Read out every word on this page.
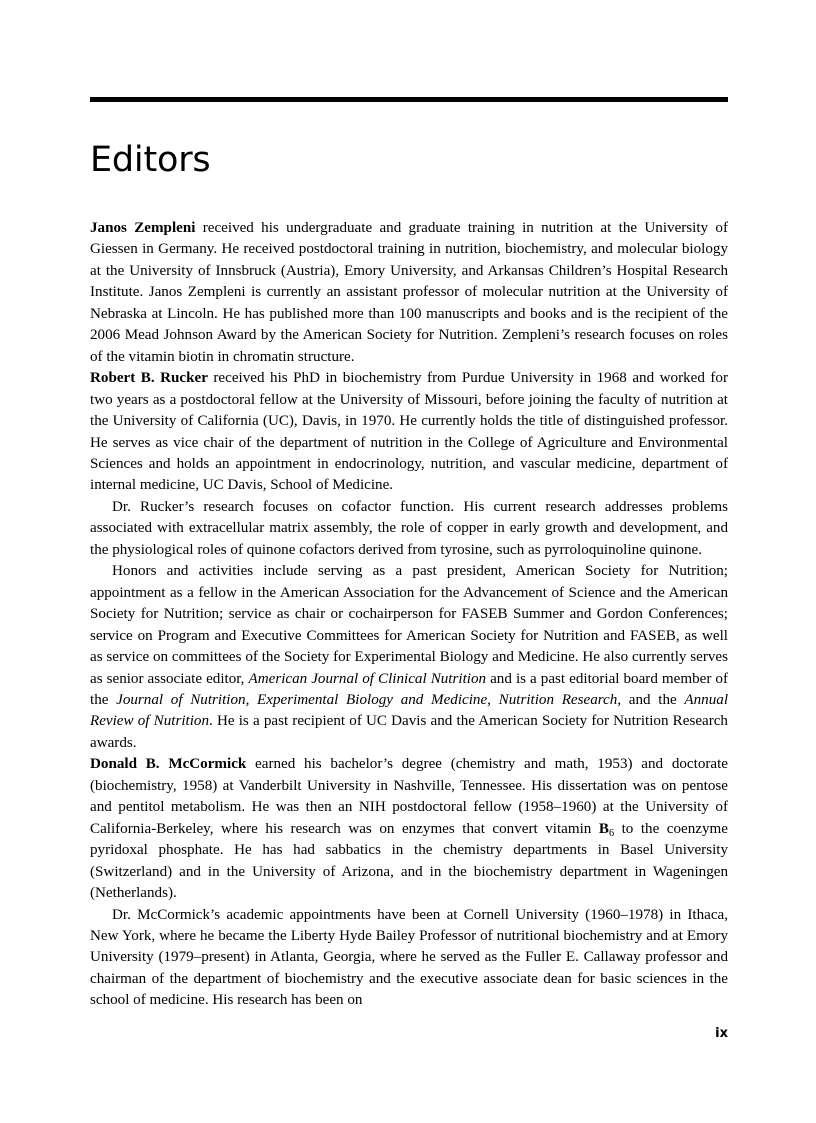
Editors

Janos Zempleni received his undergraduate and graduate training in nutrition at the University of Giessen in Germany. He received postdoctoral training in nutrition, biochemistry, and molecular biology at the University of Innsbruck (Austria), Emory University, and Arkansas Children’s Hospital Research Institute. Janos Zempleni is currently an assistant professor of molecular nutrition at the University of Nebraska at Lincoln. He has published more than 100 manuscripts and books and is the recipient of the 2006 Mead Johnson Award by the American Society for Nutrition. Zempleni’s research focuses on roles of the vitamin biotin in chromatin structure.

Robert B. Rucker received his PhD in biochemistry from Purdue University in 1968 and worked for two years as a postdoctoral fellow at the University of Missouri, before joining the faculty of nutrition at the University of California (UC), Davis, in 1970. He currently holds the title of distinguished professor. He serves as vice chair of the department of nutrition in the College of Agriculture and Environmental Sciences and holds an appointment in endocrinology, nutrition, and vascular medicine, department of internal medicine, UC Davis, School of Medicine.

Dr. Rucker’s research focuses on cofactor function. His current research addresses problems associated with extracellular matrix assembly, the role of copper in early growth and development, and the physiological roles of quinone cofactors derived from tyrosine, such as pyrroloquinoline quinone.

Honors and activities include serving as a past president, American Society for Nutrition; appointment as a fellow in the American Association for the Advancement of Science and the American Society for Nutrition; service as chair or cochairperson for FASEB Summer and Gordon Conferences; service on Program and Executive Committees for American Society for Nutrition and FASEB, as well as service on committees of the Society for Experimental Biology and Medicine. He also currently serves as senior associate editor, American Journal of Clinical Nutrition and is a past editorial board member of the Journal of Nutrition, Experimental Biology and Medicine, Nutrition Research, and the Annual Review of Nutrition. He is a past recipient of UC Davis and the American Society for Nutrition Research awards.

Donald B. McCormick earned his bachelor’s degree (chemistry and math, 1953) and doctorate (biochemistry, 1958) at Vanderbilt University in Nashville, Tennessee. His dissertation was on pentose and pentitol metabolism. He was then an NIH postdoctoral fellow (1958–1960) at the University of California-Berkeley, where his research was on enzymes that convert vitamin $B_6$ to the coenzyme pyridoxal phosphate. He has had sabbatics in the chemistry departments in Basel University (Switzerland) and in the University of Arizona, and in the biochemistry department in Wageningen (Netherlands).

Dr. McCormick’s academic appointments have been at Cornell University (1960–1978) in Ithaca, New York, where he became the Liberty Hyde Bailey Professor of nutritional biochemistry and at Emory University (1979–present) in Atlanta, Georgia, where he served as the Fuller E. Callaway professor and chairman of the department of biochemistry and the executive associate dean for basic sciences in the school of medicine. His research has been on

ix
